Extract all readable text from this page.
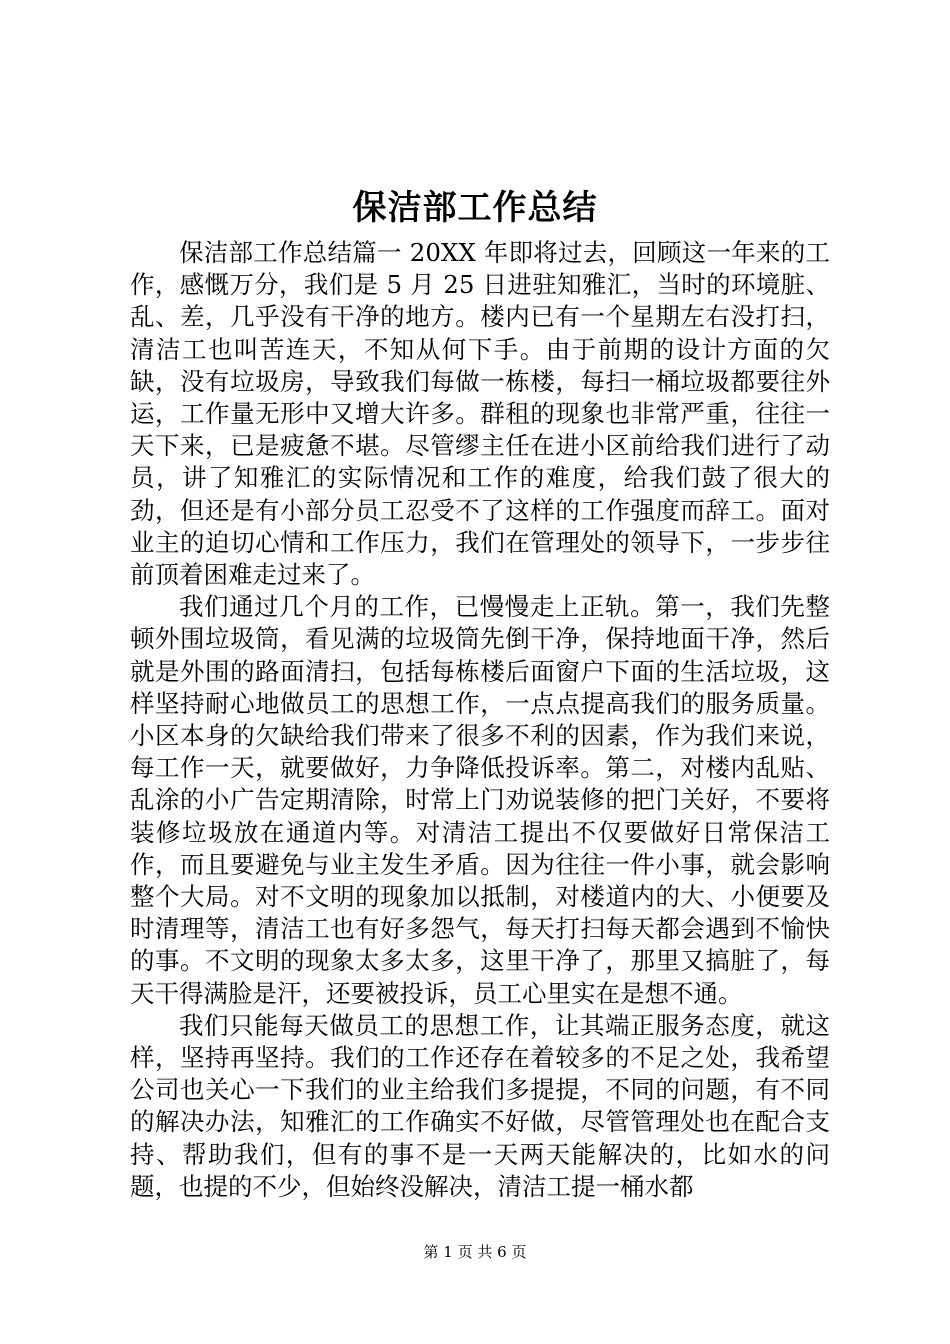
保洁部工作总结

保洁部工作总结篇一 20XX 年即将过去，回顾这一年来的工作，感慨万分，我们是 5 月 25 日进驻知雅汇，当时的环境脏、乱、差，几乎没有干净的地方。楼内已有一个星期左右没打扫，清洁工也叫苦连天，不知从何下手。由于前期的设计方面的欠缺，没有垃圾房，导致我们每做一栋楼，每扫一桶垃圾都要往外运，工作量无形中又增大许多。群租的现象也非常严重，往往一天下来，已是疲惫不堪。尽管缪主任在进小区前给我们进行了动员，讲了知雅汇的实际情况和工作的难度，给我们鼓了很大的劲，但还是有小部分员工忍受不了这样的工作强度而辞工。面对业主的迫切心情和工作压力，我们在管理处的领导下，一步步往前顶着困难走过来了。

我们通过几个月的工作，已慢慢走上正轨。第一，我们先整顿外围垃圾筒，看见满的垃圾筒先倒干净，保持地面干净，然后就是外围的路面清扫，包括每栋楼后面窗户下面的生活垃圾，这样坚持耐心地做员工的思想工作，一点点提高我们的服务质量。小区本身的欠缺给我们带来了很多不利的因素，作为我们来说，每工作一天，就要做好，力争降低投诉率。第二，对楼内乱贴、乱涂的小广告定期清除，时常上门劝说装修的把门关好，不要将装修垃圾放在通道内等。对清洁工提出不仅要做好日常保洁工作，而且要避免与业主发生矛盾。因为往往一件小事，就会影响整个大局。对不文明的现象加以抵制，对楼道内的大、小便要及时清理等，清洁工也有好多怨气，每天打扫每天都会遇到不愉快的事。不文明的现象太多太多，这里干净了，那里又搞脏了，每天干得满脸是汗，还要被投诉，员工心里实在是想不通。

我们只能每天做员工的思想工作，让其端正服务态度，就这样，坚持再坚持。我们的工作还存在着较多的不足之处，我希望公司也关心一下我们的业主给我们多提提，不同的问题，有不同的解决办法，知雅汇的工作确实不好做，尽管管理处也在配合支持、帮助我们，但有的事不是一天两天能解决的，比如水的问题，也提的不少，但始终没解决，清洁工提一桶水都

第 1 页 共 6 页
